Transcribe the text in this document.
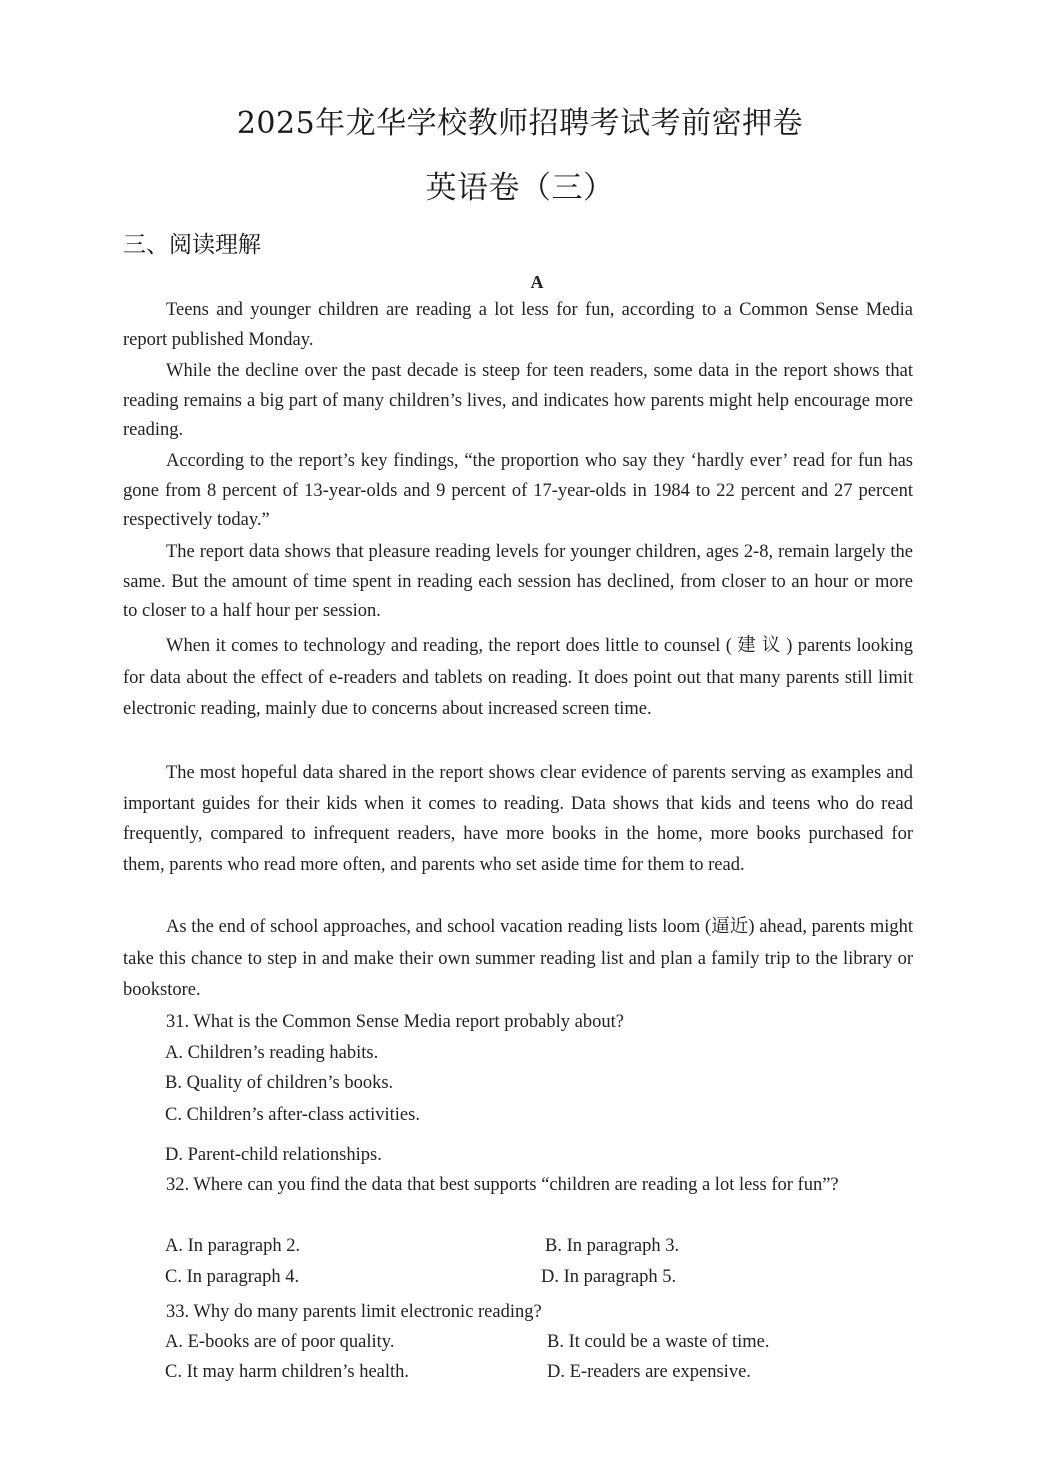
2025年龙华学校教师招聘考试考前密押卷
英语卷（三）
三、阅读理解
A
Teens and younger children are reading a lot less for fun, according to a Common Sense Media report published Monday.
While the decline over the past decade is steep for teen readers, some data in the report shows that reading remains a big part of many children’s lives, and indicates how parents might help encourage more reading.
According to the report’s key findings, “the proportion who say they ‘hardly ever’ read for fun has gone from 8 percent of 13-year-olds and 9 percent of 17-year-olds in 1984 to 22 percent and 27 percent respectively today.”
The report data shows that pleasure reading levels for younger children, ages 2-8, remain largely the same. But the amount of time spent in reading each session has declined, from closer to an hour or more to closer to a half hour per session.
When it comes to technology and reading, the report does little to counsel ( 建 议 ) parents looking for data about the effect of e-readers and tablets on reading. It does point out that many parents still limit electronic reading, mainly due to concerns about increased screen time.
The most hopeful data shared in the report shows clear evidence of parents serving as examples and important guides for their kids when it comes to reading. Data shows that kids and teens who do read frequently, compared to infrequent readers, have more books in the home, more books purchased for them, parents who read more often, and parents who set aside time for them to read.
As the end of school approaches, and school vacation reading lists loom (逼近) ahead, parents might take this chance to step in and make their own summer reading list and plan a family trip to the library or bookstore.
31. What is the Common Sense Media report probably about?
A. Children’s reading habits.
B. Quality of children’s books.
C. Children’s after-class activities.
D. Parent-child relationships.
32. Where can you find the data that best supports “children are reading a lot less for fun”?
A. In paragraph 2.	B. In paragraph 3.
C. In paragraph 4.	D. In paragraph 5.
33. Why do many parents limit electronic reading?
A. E-books are of poor quality.	B. It could be a waste of time.
C. It may harm children’s health.	D. E-readers are expensive.
